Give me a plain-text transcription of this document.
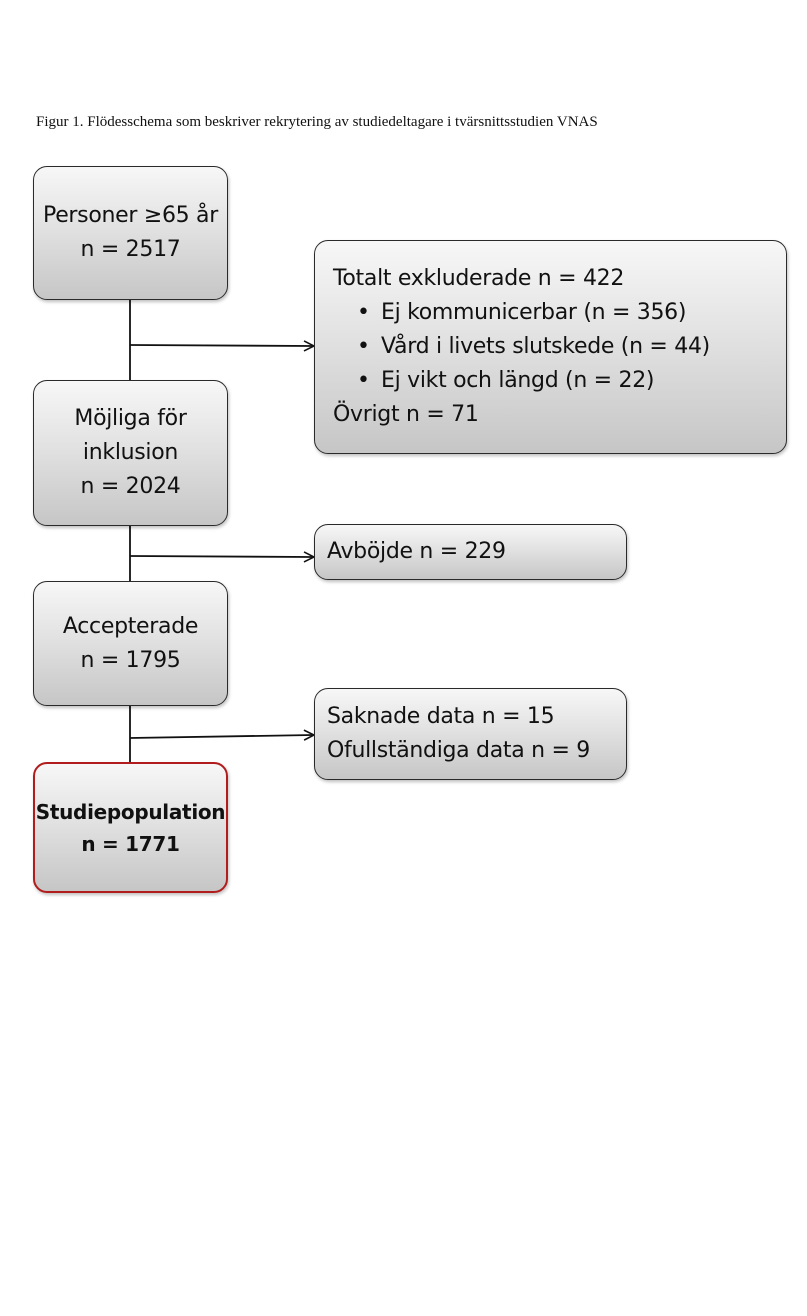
Figur 1. Flödesschema som beskriver rekrytering av studiedeltagare i tvärsnittsstudien VNAS
Personer ≥65 år
n = 2517
Möjliga för
inklusion
n = 2024
Accepterade
n = 1795
Studiepopulation
n = 1771
Totalt exkluderade n = 422
• Ej kommunicerbar (n = 356)
• Vård i livets slutskede (n = 44)
• Ej vikt och längd (n = 22)
Övrigt n = 71
Avböjde n = 229
Saknade data n = 15
Ofullständiga data n = 9
